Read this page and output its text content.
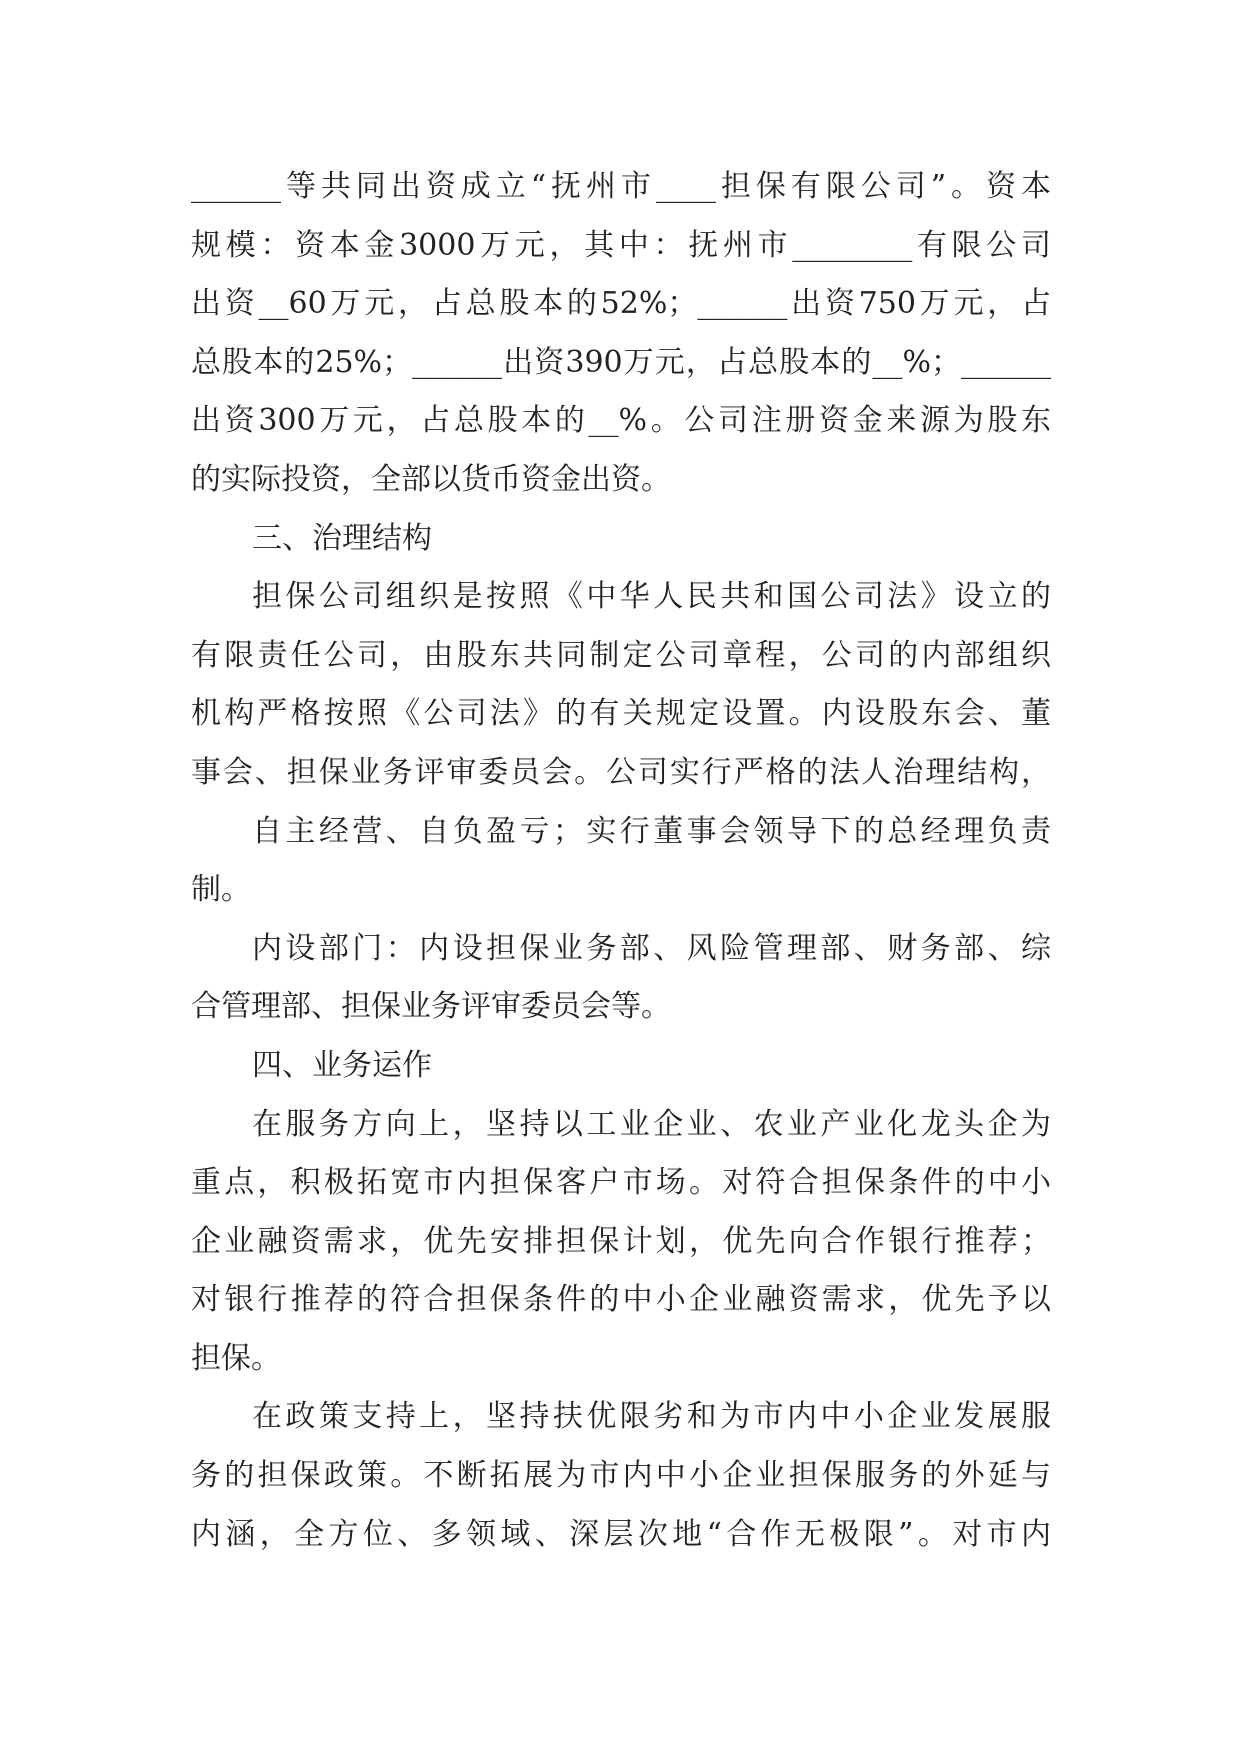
______等共同出资成立“抚州市____担保有限公司”。资本
规模：资本金3000万元，其中：抚州市________有限公司
出资__60万元，占总股本的52%；______出资750万元，占
总股本的25%；______出资390万元，占总股本的__%；______
出资300万元，占总股本的__%。公司注册资金来源为股东
的实际投资，全部以货币资金出资。
三、治理结构
担保公司组织是按照《中华人民共和国公司法》设立的
有限责任公司，由股东共同制定公司章程，公司的内部组织
机构严格按照《公司法》的有关规定设置。内设股东会、董
事会、担保业务评审委员会。公司实行严格的法人治理结构，
自主经营、自负盈亏；实行董事会领导下的总经理负责
制。
内设部门：内设担保业务部、风险管理部、财务部、综
合管理部、担保业务评审委员会等。
四、业务运作
在服务方向上，坚持以工业企业、农业产业化龙头企为
重点，积极拓宽市内担保客户市场。对符合担保条件的中小
企业融资需求，优先安排担保计划，优先向合作银行推荐；
对银行推荐的符合担保条件的中小企业融资需求，优先予以
担保。
在政策支持上，坚持扶优限劣和为市内中小企业发展服
务的担保政策。不断拓展为市内中小企业担保服务的外延与
内涵，全方位、多领域、深层次地“合作无极限”。对市内
